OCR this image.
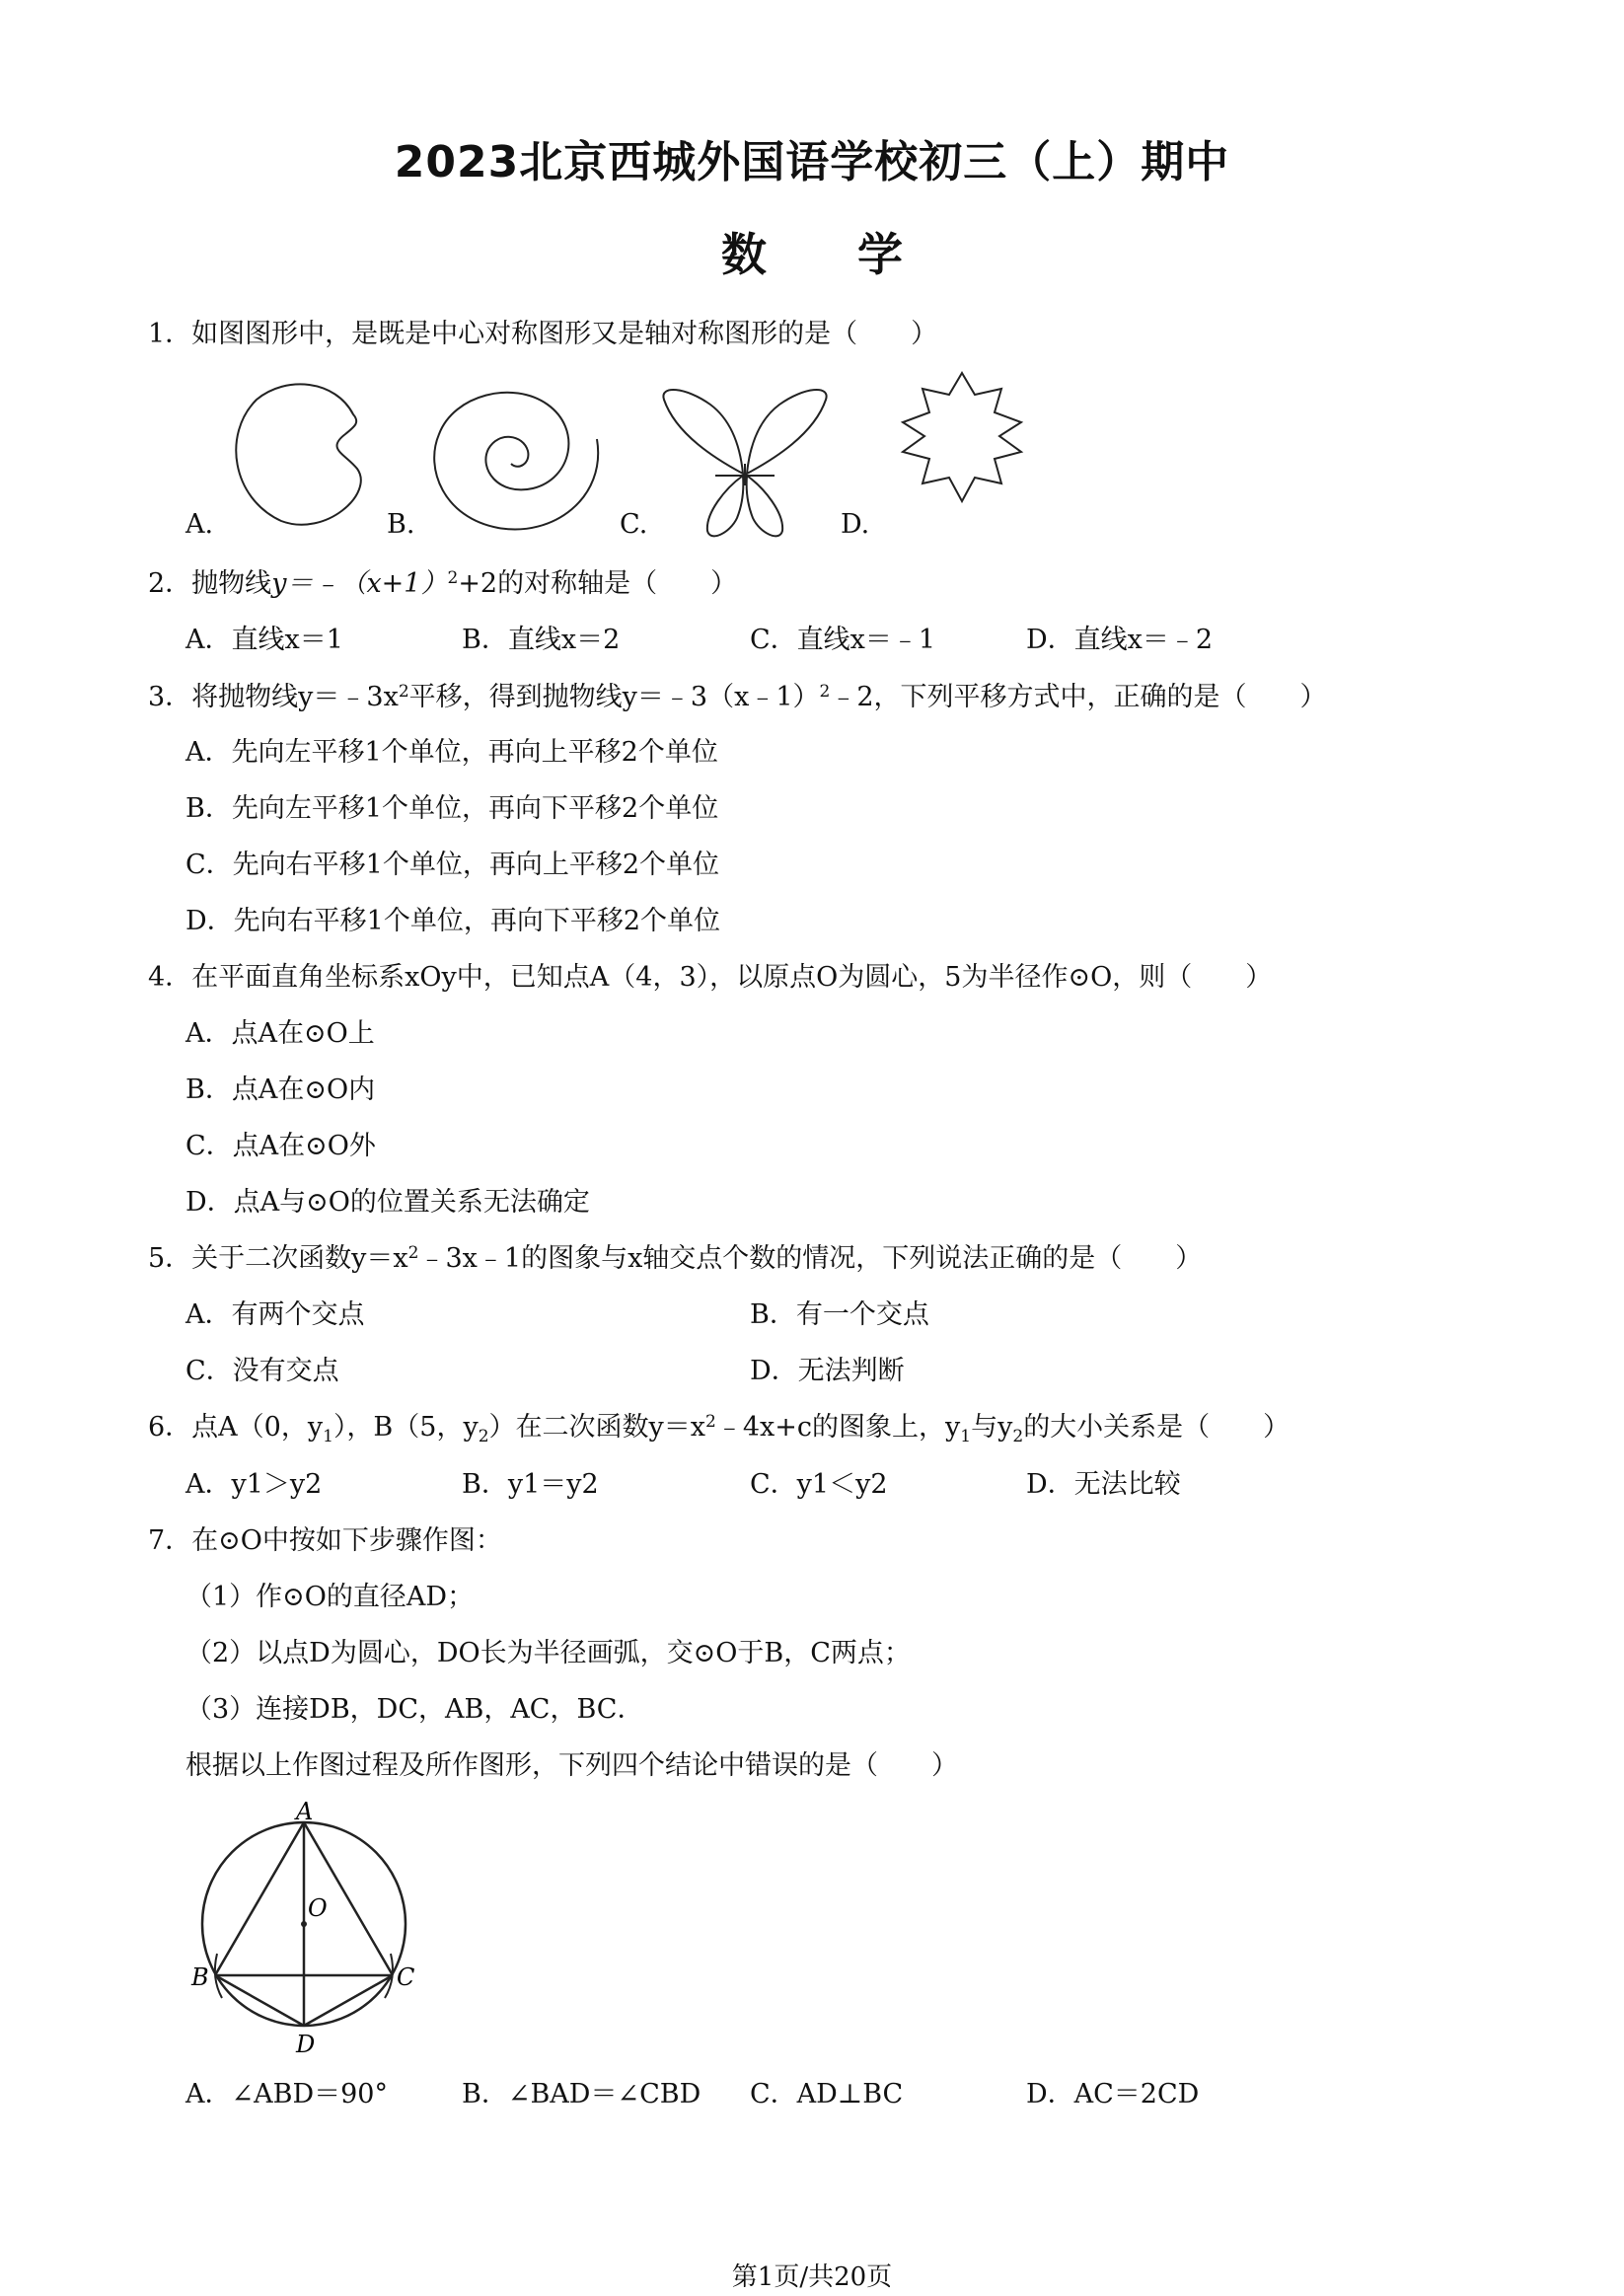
2023北京西城外国语学校初三（上）期中
数　　学
1．如图图形中，是既是中心对称图形又是轴对称图形的是（　　）
A.	B.	C.	D.
2．抛物线$y=﹣(x+1)^2+2$的对称轴是（　　）
A．直线x＝1	B．直线x＝2	C．直线x＝﹣1	D．直线x＝﹣2
3．将抛物线$y=﹣3x^2$平移，得到抛物线y＝﹣3（x﹣1）$^2$﹣2，下列平移方式中，正确的是（　　）
A．先向左平移1个单位，再向上平移2个单位
B．先向左平移1个单位，再向下平移2个单位
C．先向右平移1个单位，再向上平移2个单位
D．先向右平移1个单位，再向下平移2个单位
4．在平面直角坐标系xOy中，已知点A（4，3），以原点O为圆心，5为半径作⊙O，则（　　）
A．点A在⊙O上
B．点A在⊙O内
C．点A在⊙O外
D．点A与⊙O的位置关系无法确定
5．关于二次函数$y=x^2﹣3x﹣1$的图象与x轴交点个数的情况，下列说法正确的是（　　）
A．有两个交点	B．有一个交点
C．没有交点	D．无法判断
6．点A（0，$y_1$），B（5，$y_2$）在二次函数$y=x^2﹣4x+c$的图象上，$y_1$与$y_2$的大小关系是（　　）
A．y1＞y2	B．y1＝y2	C．y1＜y2	D．无法比较
7．在⊙O中按如下步骤作图：
（1）作⊙O的直径AD；
（2）以点D为圆心，DO长为半径画弧，交⊙O于B，C两点；
（3）连接DB，DC，AB，AC，BC．
根据以上作图过程及所作图形，下列四个结论中错误的是（　　）
A
O
B	C
D
A．∠ABD＝90°	B．∠BAD＝∠CBD C．AD⊥BC	D．AC＝2CD
第1页/共20页
